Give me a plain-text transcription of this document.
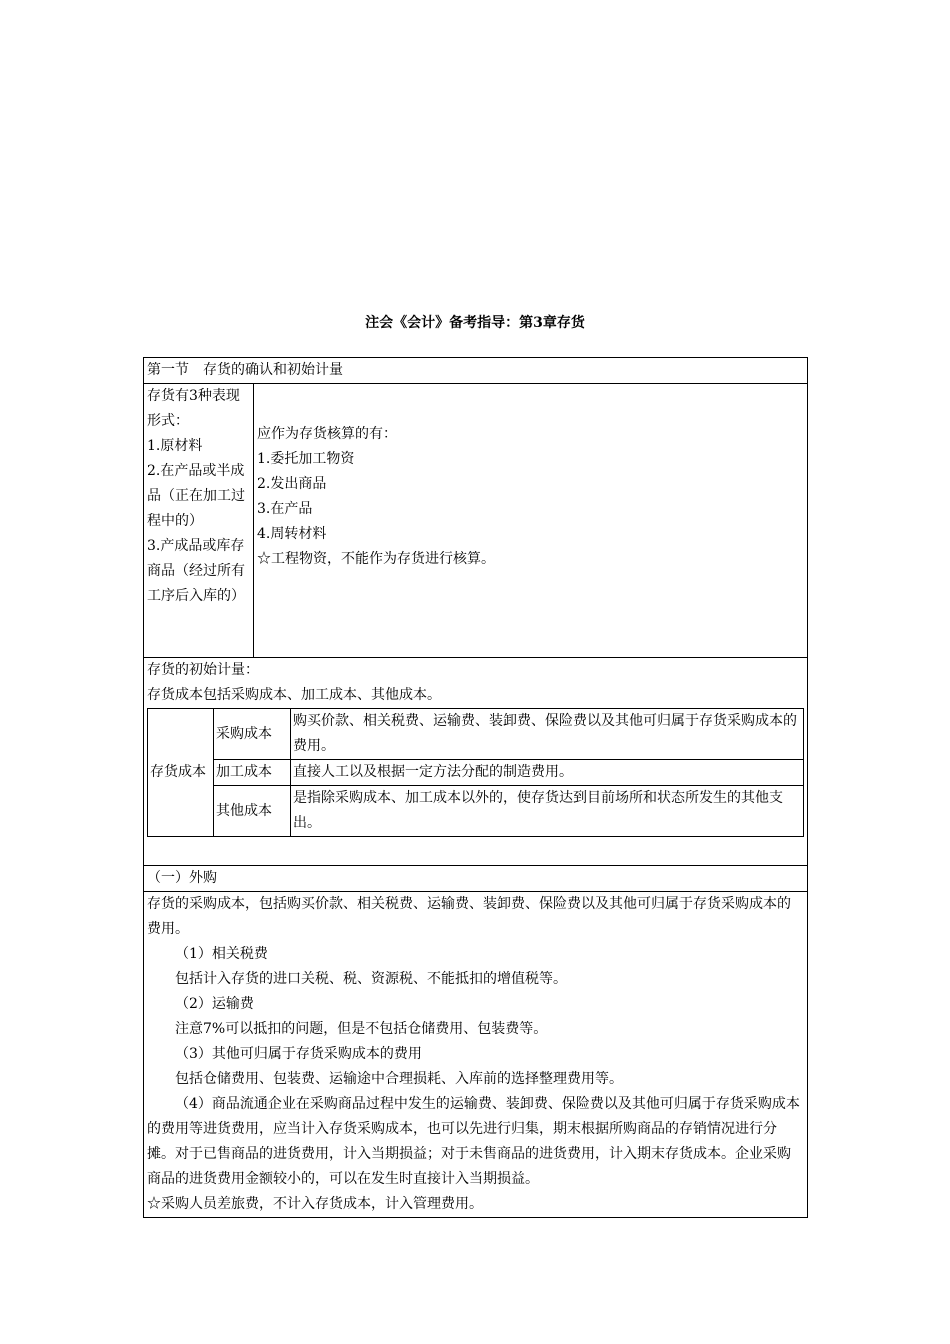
注会《会计》备考指导：第3章存货
第一节　存货的确认和初始计量

存货有3种表现形式：
1.原材料
2.在产品或半成品（正在加工过程中的）
3.产成品或库存商品（经过所有工序后入库的）

应作为存货核算的有：
1.委托加工物资
2.发出商品
3.在产品
4.周转材料
☆工程物资，不能作为存货进行核算。

存货的初始计量：
存货成本包括采购成本、加工成本、其他成本。
存货成本	采购成本	购买价款、相关税费、运输费、装卸费、保险费以及其他可归属于存货采购成本的费用。
加工成本	直接人工以及根据一定方法分配的制造费用。
其他成本	是指除采购成本、加工成本以外的，使存货达到目前场所和状态所发生的其他支出。

（一）外购

存货的采购成本，包括购买价款、相关税费、运输费、装卸费、保险费以及其他可归属于存货采购成本的费用。
（1）相关税费
包括计入存货的进口关税、税、资源税、不能抵扣的增值税等。
（2）运输费
注意7%可以抵扣的问题，但是不包括仓储费用、包装费等。
（3）其他可归属于存货采购成本的费用
包括仓储费用、包装费、运输途中合理损耗、入库前的选择整理费用等。
（4）商品流通企业在采购商品过程中发生的运输费、装卸费、保险费以及其他可归属于存货采购成本的费用等进货费用，应当计入存货采购成本，也可以先进行归集，期末根据所购商品的存销情况进行分摊。对于已售商品的进货费用，计入当期损益；对于未售商品的进货费用，计入期末存货成本。企业采购商品的进货费用金额较小的，可以在发生时直接计入当期损益。
☆采购人员差旅费，不计入存货成本，计入管理费用。
